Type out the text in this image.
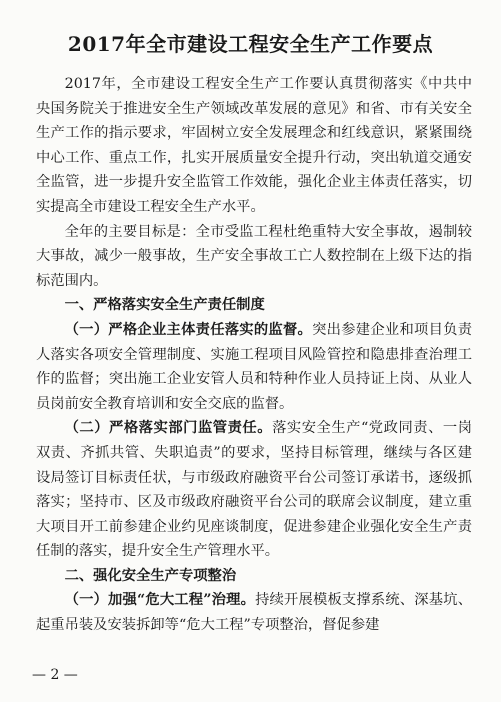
2017年全市建设工程安全生产工作要点

2017年，全市建设工程安全生产工作要认真贯彻落实《中共中央国务院关于推进安全生产领域改革发展的意见》和省、市有关安全生产工作的指示要求，牢固树立安全发展理念和红线意识，紧紧围绕中心工作、重点工作，扎实开展质量安全提升行动，突出轨道交通安全监管，进一步提升安全监管工作效能，强化企业主体责任落实，切实提高全市建设工程安全生产水平。

全年的主要目标是：全市受监工程杜绝重特大安全事故，遏制较大事故，减少一般事故，生产安全事故工亡人数控制在上级下达的指标范围内。

一、严格落实安全生产责任制度

（一）严格企业主体责任落实的监督。突出参建企业和项目负责人落实各项安全管理制度、实施工程项目风险管控和隐患排查治理工作的监督；突出施工企业安管人员和特种作业人员持证上岗、从业人员岗前安全教育培训和安全交底的监督。

（二）严格落实部门监管责任。落实安全生产“党政同责、一岗双责、齐抓共管、失职追责”的要求，坚持目标管理，继续与各区建设局签订目标责任状，与市级政府融资平台公司签订承诺书，逐级抓落实；坚持市、区及市级政府融资平台公司的联席会议制度，建立重大项目开工前参建企业约见座谈制度，促进参建企业强化安全生产责任制的落实，提升安全生产管理水平。

二、强化安全生产专项整治

（一）加强“危大工程”治理。持续开展模板支撑系统、深基坑、起重吊装及安装拆卸等“危大工程”专项整治，督促参建

— 2 —
